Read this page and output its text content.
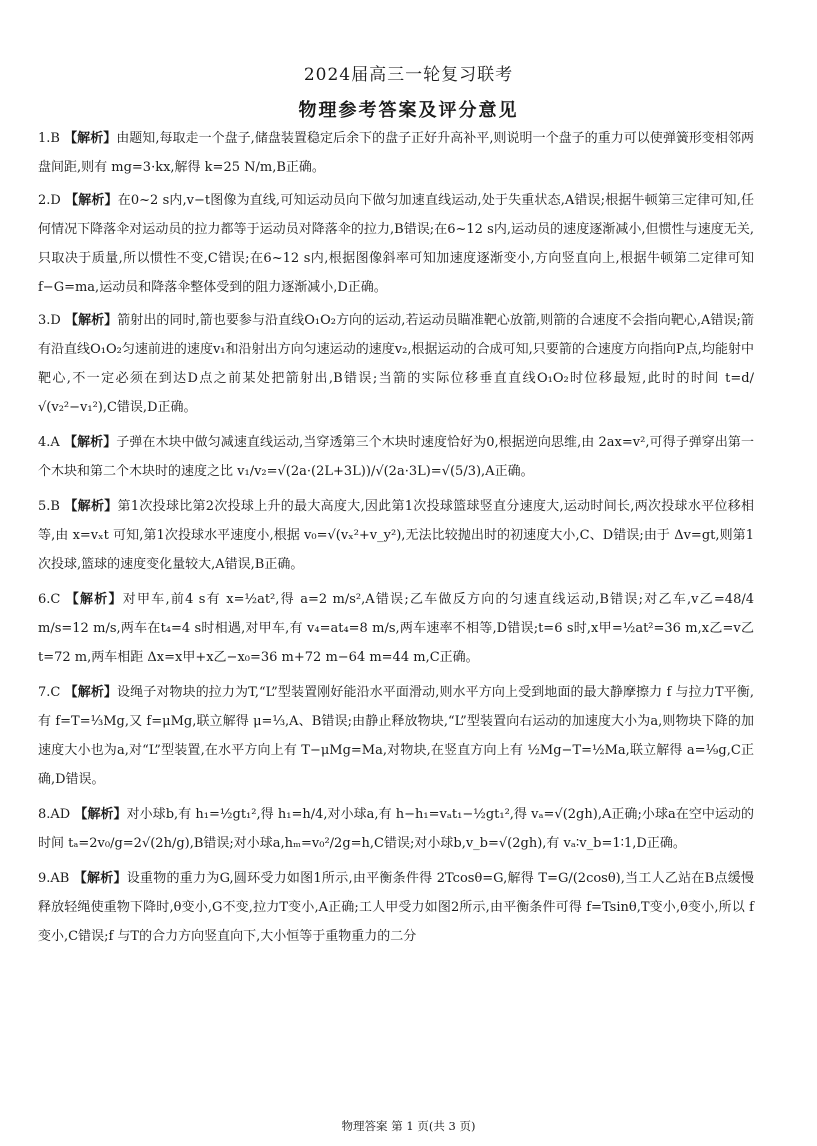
2024届高三一轮复习联考
物理参考答案及评分意见

1.B 【解析】由题知,每取走一个盘子,储盘装置稳定后余下的盘子正好升高补平,则说明一个盘子的重力可以使弹簧形变相邻两盘间距,则有 mg=3·kx,解得 k=25 N/m,B正确。

2.D 【解析】在0~2 s内,v−t图像为直线,可知运动员向下做匀加速直线运动,处于失重状态,A错误;根据牛顿第三定律可知,任何情况下降落伞对运动员的拉力都等于运动员对降落伞的拉力,B错误;在6~12 s内,运动员的速度逐渐减小,但惯性与速度无关,只取决于质量,所以惯性不变,C错误;在6~12 s内,根据图像斜率可知加速度逐渐变小,方向竖直向上,根据牛顿第二定律可知 f−G=ma,运动员和降落伞整体受到的阻力逐渐减小,D正确。

3.D 【解析】箭射出的同时,箭也要参与沿直线O₁O₂方向的运动,若运动员瞄准靶心放箭,则箭的合速度不会指向靶心,A错误;箭有沿直线O₁O₂匀速前进的速度v₁和沿射出方向匀速运动的速度v₂,根据运动的合成可知,只要箭的合速度方向指向P点,均能射中靶心,不一定必须在到达D点之前某处把箭射出,B错误;当箭的实际位移垂直直线O₁O₂时位移最短,此时的时间 t=d/√(v₂²−v₁²),C错误,D正确。

4.A 【解析】子弹在木块中做匀减速直线运动,当穿透第三个木块时速度恰好为0,根据逆向思维,由 2ax=v²,可得子弹穿出第一个木块和第二个木块时的速度之比 v₁/v₂=√(2a·(2L+3L))/√(2a·3L)=√(5/3),A正确。

5.B 【解析】第1次投球比第2次投球上升的最大高度大,因此第1次投球篮球竖直分速度大,运动时间长,两次投球水平位移相等,由 x=vₓt 可知,第1次投球水平速度小,根据 v₀=√(vₓ²+v_y²),无法比较抛出时的初速度大小,C、D错误;由于 Δv=gt,则第1次投球,篮球的速度变化量较大,A错误,B正确。

6.C 【解析】对甲车,前4 s有 x=½at²,得 a=2 m/s²,A错误;乙车做反方向的匀速直线运动,B错误;对乙车,v乙=48/4 m/s=12 m/s,两车在t₄=4 s时相遇,对甲车,有 v₄=at₄=8 m/s,两车速率不相等,D错误;t=6 s时,x甲=½at²=36 m,x乙=v乙t=72 m,两车相距 Δx=x甲+x乙−x₀=36 m+72 m−64 m=44 m,C正确。

7.C 【解析】设绳子对物块的拉力为T,“L”型装置刚好能沿水平面滑动,则水平方向上受到地面的最大静摩擦力 f 与拉力T平衡,有 f=T=⅓Mg,又 f=μMg,联立解得 μ=⅓,A、B错误;由静止释放物块,“L”型装置向右运动的加速度大小为a,则物块下降的加速度大小也为a,对“L”型装置,在水平方向上有 T−μMg=Ma,对物块,在竖直方向上有 ½Mg−T=½Ma,联立解得 a=⅑g,C正确,D错误。

8.AD 【解析】对小球b,有 h₁=½gt₁²,得 h₁=h/4,对小球a,有 h−h₁=vₐt₁−½gt₁²,得 vₐ=√(2gh),A正确;小球a在空中运动的时间 tₐ=2v₀/g=2√(2h/g),B错误;对小球a,hₘ=v₀²/2g=h,C错误;对小球b,v_b=√(2gh),有 vₐ∶v_b=1∶1,D正确。

9.AB 【解析】设重物的重力为G,圆环受力如图1所示,由平衡条件得 2Tcosθ=G,解得 T=G/(2cosθ),当工人乙站在B点缓慢释放轻绳使重物下降时,θ变小,G不变,拉力T变小,A正确;工人甲受力如图2所示,由平衡条件可得 f=Tsinθ,T变小,θ变小,所以 f 变小,C错误;f 与T的合力方向竖直向下,大小恒等于重物重力的二分

物理答案 第 1 页(共 3 页)
